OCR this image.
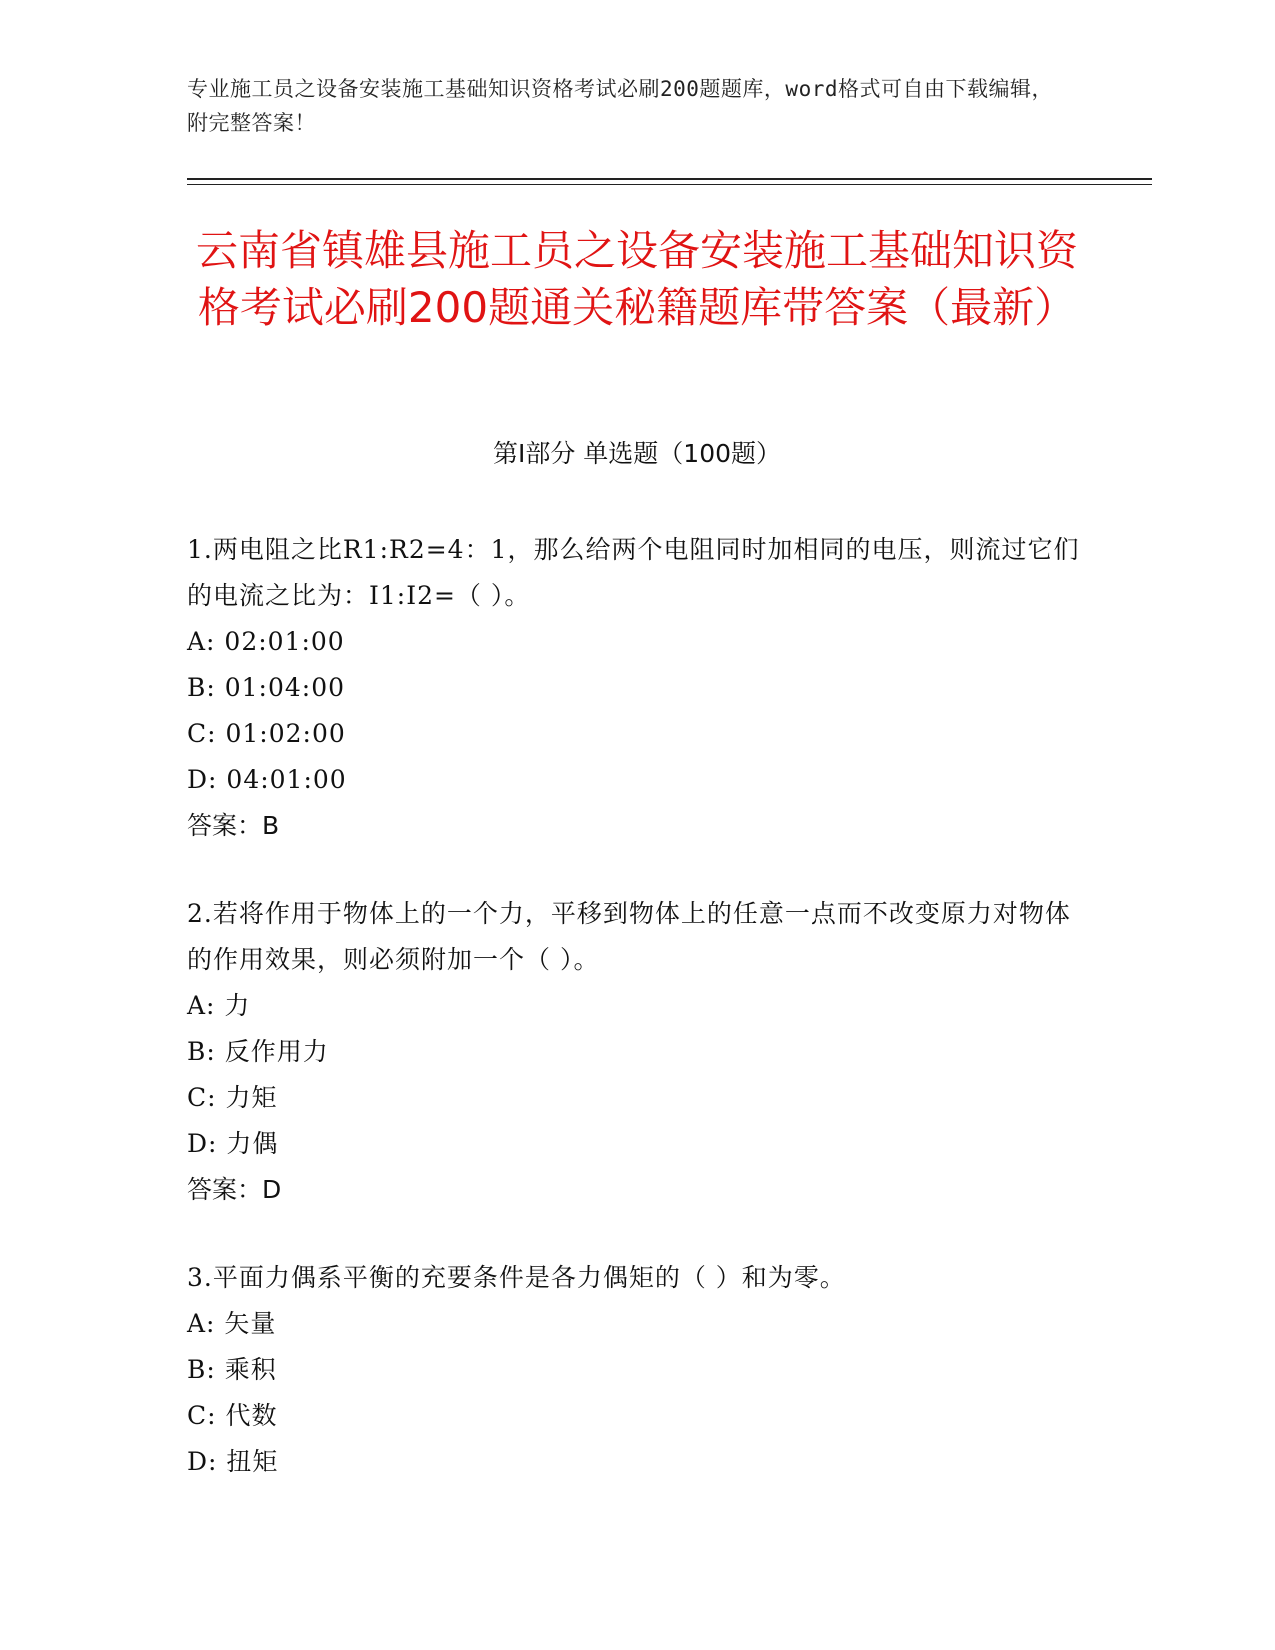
专业施工员之设备安装施工基础知识资格考试必刷200题题库，word格式可自由下载编辑，附完整答案！
云南省镇雄县施工员之设备安装施工基础知识资格考试必刷200题通关秘籍题库带答案（最新）
第I部分 单选题（100题）
1.两电阻之比R1:R2=4：1，那么给两个电阻同时加相同的电压，则流过它们的电流之比为：I1:I2=（ ）。
A: 02:01:00
B: 01:04:00
C: 01:02:00
D: 04:01:00
答案：B
2.若将作用于物体上的一个力，平移到物体上的任意一点而不改变原力对物体的作用效果，则必须附加一个（ ）。
A: 力
B: 反作用力
C: 力矩
D: 力偶
答案：D
3.平面力偶系平衡的充要条件是各力偶矩的（ ）和为零。
A: 矢量
B: 乘积
C: 代数
D: 扭矩
